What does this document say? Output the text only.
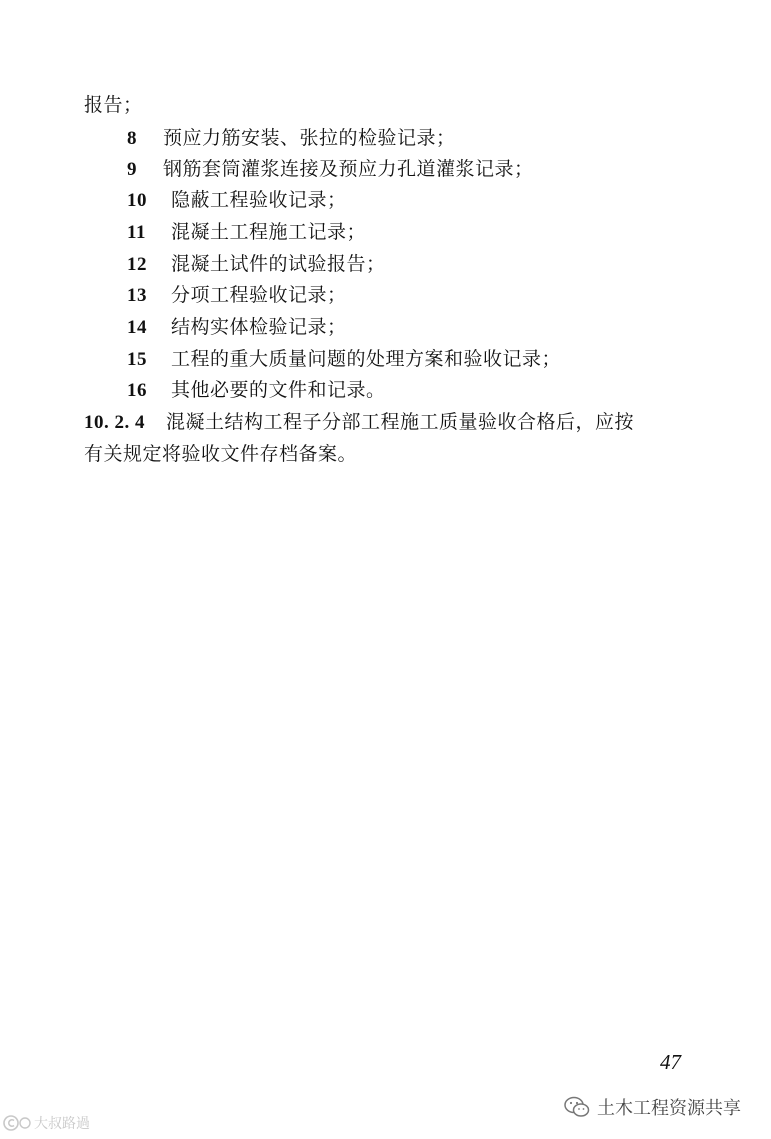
报告；
8 预应力筋安装、张拉的检验记录；
9 钢筋套筒灌浆连接及预应力孔道灌浆记录；
10 隐蔽工程验收记录；
11 混凝土工程施工记录；
12 混凝土试件的试验报告；
13 分项工程验收记录；
14 结构实体检验记录；
15 工程的重大质量问题的处理方案和验收记录；
16 其他必要的文件和记录。
10. 2. 4 混凝土结构工程子分部工程施工质量验收合格后，应按
有关规定将验收文件存档备案。
47
大叔路過
土木工程资源共享
